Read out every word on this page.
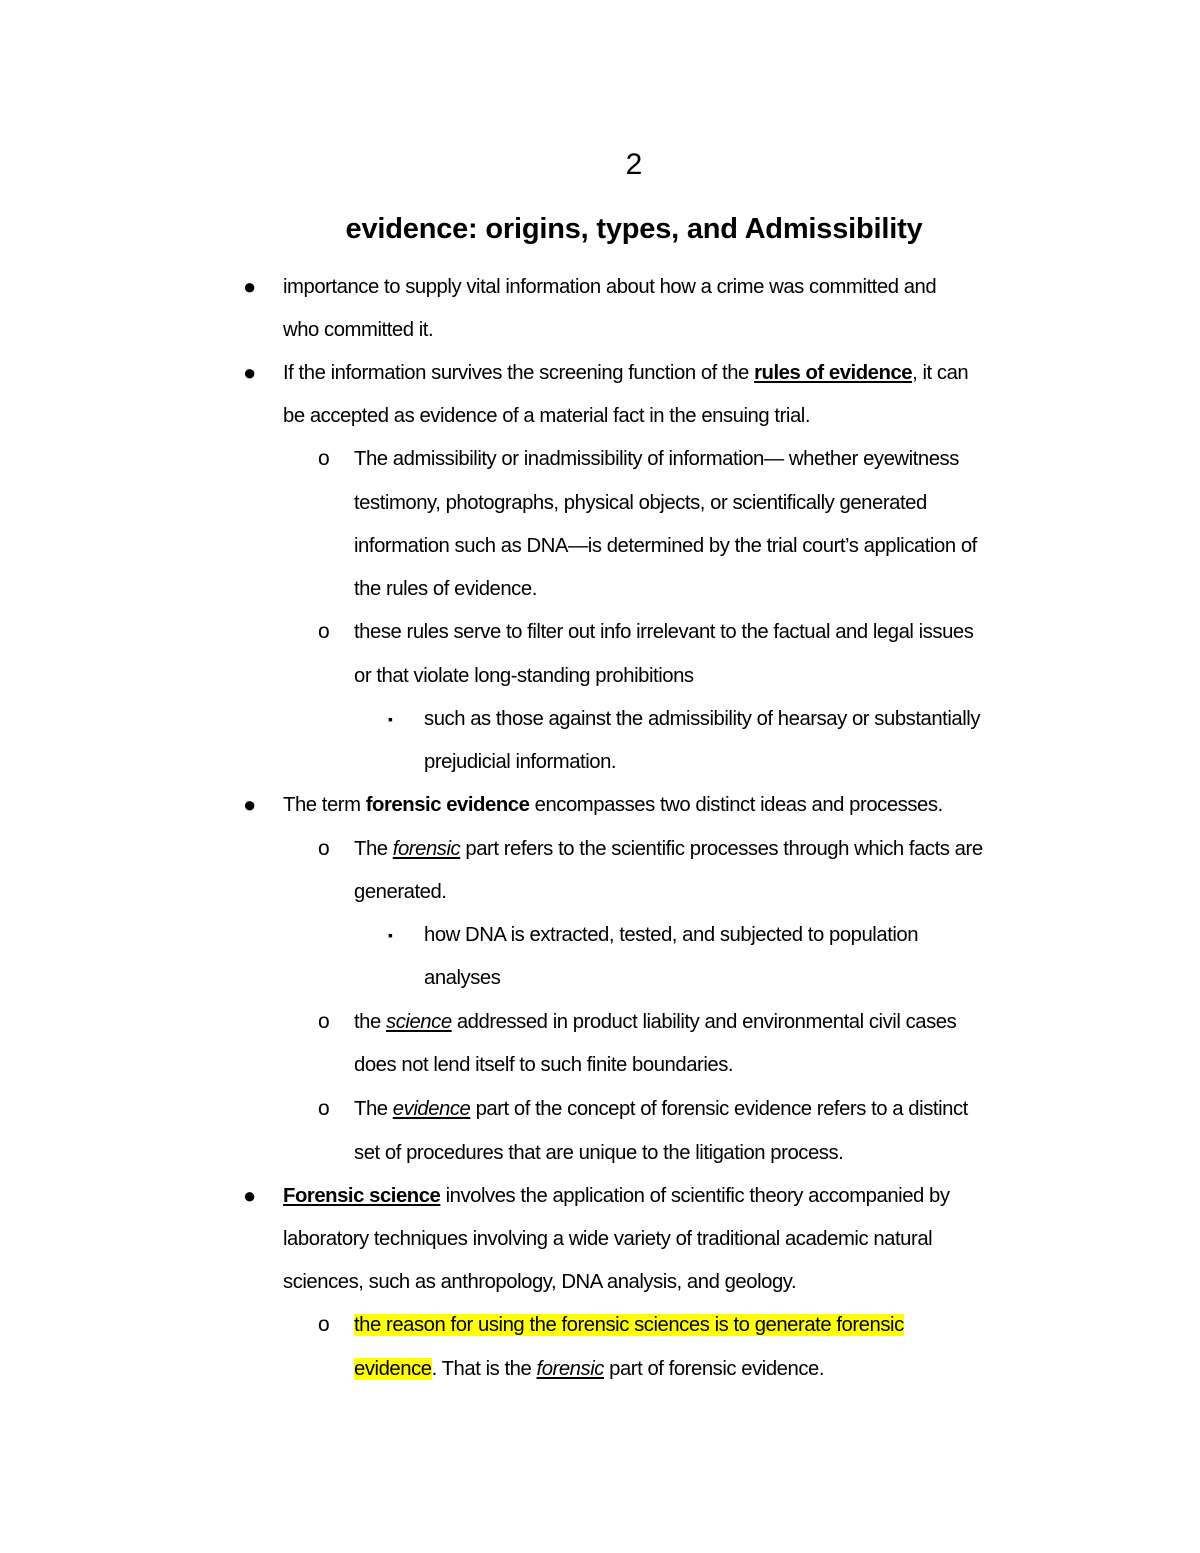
2
evidence: origins, types, and Admissibility
● importance to supply vital information about how a crime was committed and
who committed it.
● If the information survives the screening function of the rules of evidence, it can
be accepted as evidence of a material fact in the ensuing trial.
o The admissibility or inadmissibility of information— whether eyewitness
testimony, photographs, physical objects, or scientifically generated
information such as DNA—is determined by the trial court’s application of
the rules of evidence.
o these rules serve to filter out info irrelevant to the factual and legal issues
or that violate long-standing prohibitions
▪ such as those against the admissibility of hearsay or substantially
prejudicial information.
● The term forensic evidence encompasses two distinct ideas and processes.
o The forensic part refers to the scientific processes through which facts are
generated.
▪ how DNA is extracted, tested, and subjected to population
analyses
o the science addressed in product liability and environmental civil cases
does not lend itself to such finite boundaries.
o The evidence part of the concept of forensic evidence refers to a distinct
set of procedures that are unique to the litigation process.
● Forensic science involves the application of scientific theory accompanied by
laboratory techniques involving a wide variety of traditional academic natural
sciences, such as anthropology, DNA analysis, and geology.
o the reason for using the forensic sciences is to generate forensic
evidence. That is the forensic part of forensic evidence.
